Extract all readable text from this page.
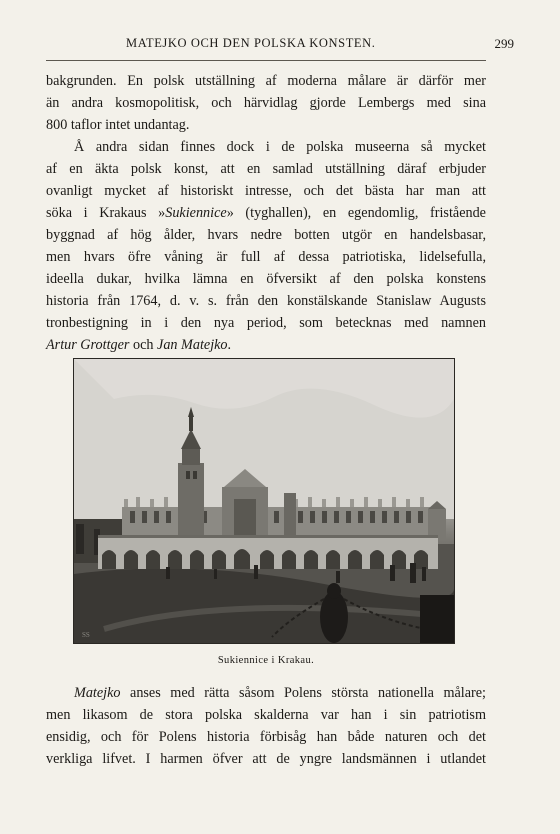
MATEJKO OCH DEN POLSKA KONSTEN.	299
bakgrunden. En polsk utställning af moderna målare är därför mer
än andra kosmopolitisk, och härvidlag gjorde Lembergs med sina
800 taflor intet undantag.
Å andra sidan finnes dock i de polska museerna så mycket
af en äkta polsk konst, att en samlad utställning däraf erbjuder
ovanligt mycket af historiskt intresse, och det bästa har man att
söka i Krakaus »Sukiennice» (tyghallen), en egendomlig, fristående
byggnad af hög ålder, hvars nedre botten utgör en handelsbasar,
men hvars öfre våning är full af dessa patriotiska, lidelsefulla,
ideella dukar, hvilka lämna en öfversikt af den polska konstens
historia från 1764, d. v. s. från den konstälskande Stanislaw Augusts
tronbestigning in i den nya period, som betecknas med namnen
Artur Grottger och Jan Matejko.
SS
Sukiennice i Krakau.
Matejko anses med rätta såsom Polens största nationella målare;
men likasom de stora polska skalderna var han i sin patriotism
ensidig, och för Polens historia förbisåg han både naturen och det
verkliga lifvet. I harmen öfver att de yngre landsmännen i utlandet
